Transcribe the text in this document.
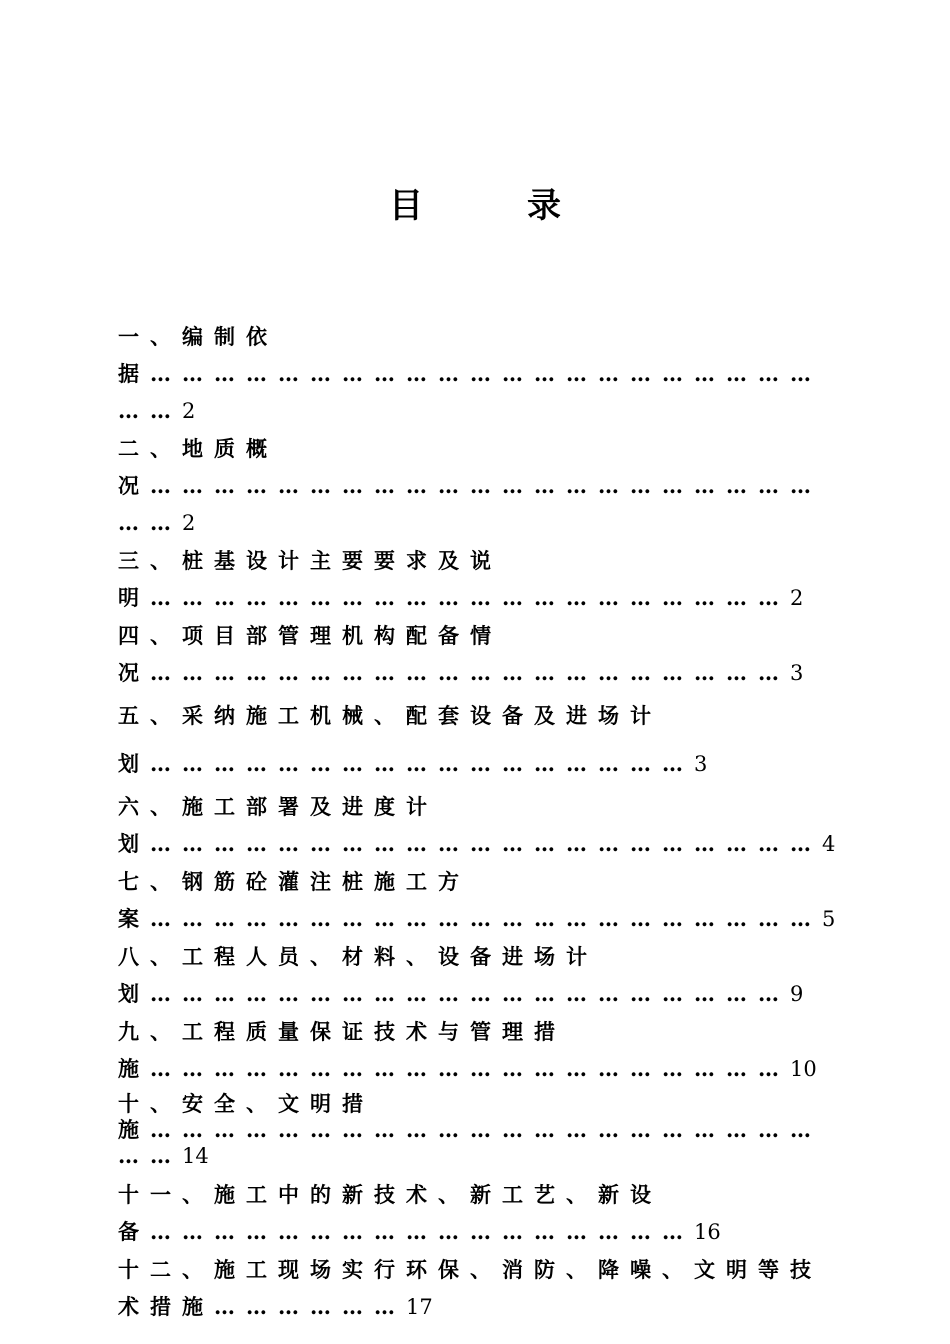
目	录

一、编制依据……………………………………………………………2

二、地质概况……………………………………………………………2

三、桩基设计主要要求及说明……………………………………………………2

四、项目部管理机构配备情况……………………………………………………3

五、采纳施工机械、配套设备及进场计划……………………………………………3

六、施工部署及进度计划………………………………………………………4

七、钢筋砼灌注桩施工方案………………………………………………………5

八、工程人员、材料、设备进场计划……………………………………………………9

九、工程质量保证技术与管理措施……………………………………………………10

十、安全、文明措施……………………………………………………………14

十一、施工中的新技术、新工艺、新设备……………………………………………16

十二、施工现场实行环保、消防、降噪、文明等技术措施………………17
